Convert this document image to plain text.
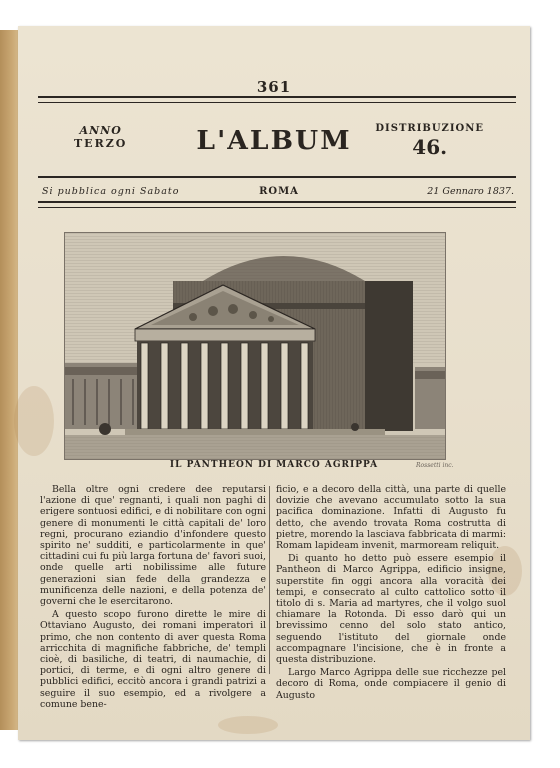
361
ANNO
TERZO	L'ALBUM	DISTRIBUZIONE
46.
Si pubblica ogni Sabato	ROMA	21 Gennaro 1837.
IL PANTHEON DI MARCO AGRIPPA	Rossetti inc.

Bella oltre ogni credere dee reputarsi l'azione di que' regnanti, i quali non paghi di erigere sontuosi edifici, e di nobilitare con ogni genere di monumenti le città capitali de' loro regni, procurano eziandio d'infondere questo spirito ne' sudditi, e particolarmente in que' cittadini cui fu più larga fortuna de' favori suoi, onde quelle arti nobilissime alle future generazioni sian fede della grandezza e munificenza delle nazioni, e della potenza de' governi che le esercitarono.

A questo scopo furono dirette le mire di Ottaviano Augusto, dei romani imperatori il primo, che non contento di aver questa Roma arricchita di magnifiche fabbriche, de' templi cioè, di basiliche, di teatri, di naumachie, di portici, di terme, e di ogni altro genere di pubblici edifici, eccitò ancora i grandi patrizi a seguire il suo esempio, ed a rivolgere a comune bene-

ficio, e a decoro della città, una parte di quelle dovizie che avevano accumulato sotto la sua pacifica dominazione. Infatti di Augusto fu detto, che avendo trovata Roma costrutta di pietre, morendo la lasciava fabbricata di marmi: Romam lapideam invenit, marmoream reliquit.

Di quanto ho detto può essere esempio il Pantheon di Marco Agrippa, edificio insigne, superstite fin oggi ancora alla voracità dei tempi, e consecrato al culto cattolico sotto il titolo di s. Maria ad martyres, che il volgo suol chiamare la Rotonda. Di esso darò qui un brevissimo cenno del solo stato antico, seguendo l'istituto del giornale onde accompagnare l'incisione, che è in fronte a questa distribuzione.

Largo Marco Agrippa delle sue ricchezze pel decoro di Roma, onde compiacere il genio di Augusto
